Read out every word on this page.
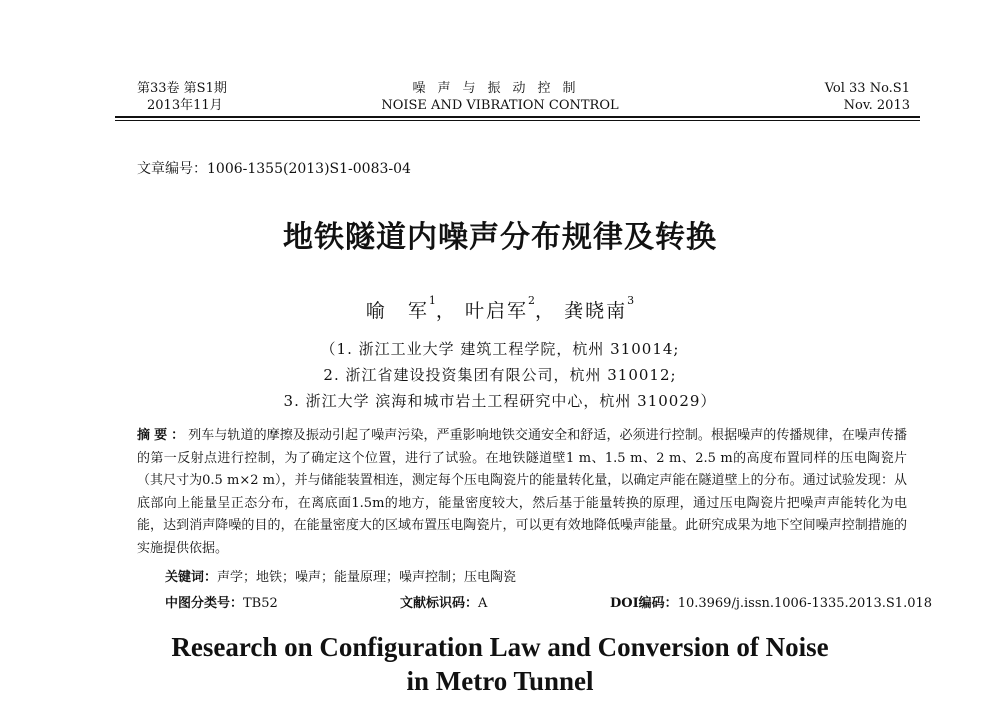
第33卷 第S1期
2013年11月
噪声与振动控制
NOISE AND VIBRATION CONTROL
Vol 33 No.S1
Nov. 2013
文章编号：1006-1355(2013)S1-0083-04
地铁隧道内噪声分布规律及转换
喻　军$^1$， 叶启军$^2$， 龚晓南$^3$
（1. 浙江工业大学 建筑工程学院，杭州 310014;
2. 浙江省建设投资集团有限公司，杭州 310012;
3. 浙江大学 滨海和城市岩土工程研究中心，杭州 310029）
摘要：列车与轨道的摩擦及振动引起了噪声污染，严重影响地铁交通安全和舒适，必须进行控制。根据噪声的传播规律，在噪声传播的第一反射点进行控制，为了确定这个位置，进行了试验。在地铁隧道壁1 m、1.5 m、2 m、2.5 m的高度布置同样的压电陶瓷片（其尺寸为0.5 m×2 m），并与储能装置相连，测定每个压电陶瓷片的能量转化量，以确定声能在隧道壁上的分布。通过试验发现：从底部向上能量呈正态分布，在离底面1.5m的地方，能量密度较大，然后基于能量转换的原理，通过压电陶瓷片把噪声声能转化为电能，达到消声降噪的目的，在能量密度大的区域布置压电陶瓷片，可以更有效地降低噪声能量。此研究成果为地下空间噪声控制措施的实施提供依据。
关键词：声学；地铁；噪声；能量原理；噪声控制；压电陶瓷
中图分类号：TB52	文献标识码：A	DOI编码：10.3969/j.issn.1006-1335.2013.S1.018
Research on Configuration Law and Conversion of Noise
in Metro Tunnel
